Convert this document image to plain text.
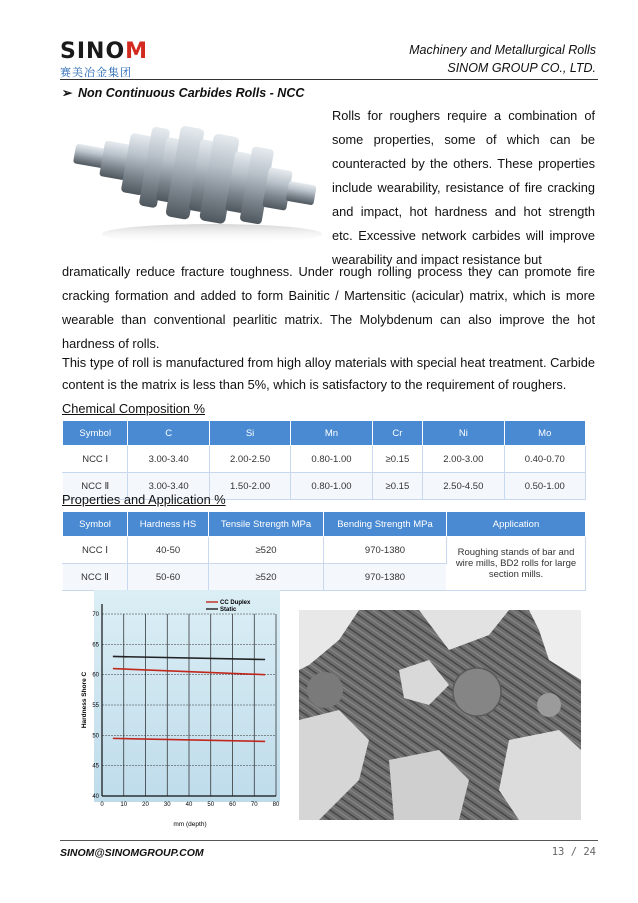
SINOM
赛美冶金集团
Machinery and Metallurgical Rolls
SINOM GROUP CO., LTD.
➢ Non Continuous Carbides Rolls - NCC
Rolls for roughers require a combination of some properties, some of which can be counteracted by the others. These properties include wearability, resistance of fire cracking and impact, hot hardness and hot strength etc. Excessive network carbides will improve wearability and impact resistance but
dramatically reduce fracture toughness. Under rough rolling process they can promote fire cracking formation and added to form Bainitic / Martensitic (acicular) matrix, which is more wearable than conventional pearlitic matrix. The Molybdenum can also improve the hot hardness of rolls.
This type of roll is manufactured from high alloy materials with special heat treatment. Carbide content is the matrix is less than 5%, which is satisfactory to the requirement of roughers.
Chemical Composition %
Symbol	C	Si	Mn	Cr	Ni	Mo
NCC Ⅰ	3.00-3.40	2.00-2.50	0.80-1.00	≥0.15	2.00-3.00	0.40-0.70
NCC Ⅱ	3.00-3.40	1.50-2.00	0.80-1.00	≥0.15	2.50-4.50	0.50-1.00
Properties and Application %
Symbol	Hardness HS	Tensile Strength MPa	Bending Strength MPa	Application
NCC Ⅰ	40-50	≥520	970-1380	Roughing stands of bar and wire mills, BD2 rolls for large section mills.
NCC Ⅱ	50-60	≥520	970-1380	
0	10	20	30	40	50	60	70	80
40
45
50
55
60
65
70
CC Duplex
Static
mm (depth)
Hardness Shore C
SINOM@SINOMGROUP.COM	13 / 24
